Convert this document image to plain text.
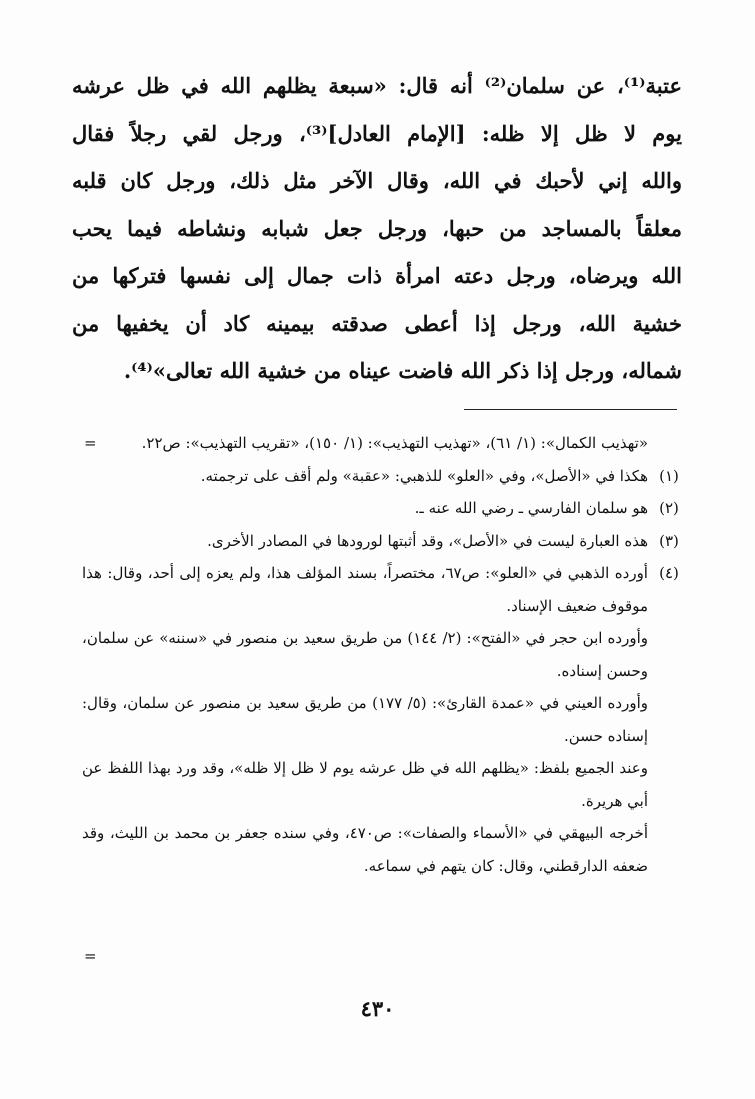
عتبة⁽¹⁾، عن سلمان⁽²⁾ أنه قال: «سبعة يظلهم الله في ظل عرشه
يوم لا ظل إلا ظله: [الإمام العادل]⁽³⁾، ورجل لقي رجلاً فقال
والله إني لأحبك في الله، وقال الآخر مثل ذلك، ورجل كان قلبه
معلقاً بالمساجد من حبها، ورجل جعل شبابه ونشاطه فيما يحب
الله ويرضاه، ورجل دعته امرأة ذات جمال إلى نفسها فتركها من
خشية الله، ورجل إذا أعطى صدقته بيمينه كاد أن يخفيها من
شماله، ورجل إذا ذكر الله فاضت عيناه من خشية الله تعالى»⁽⁴⁾.
=	«تهذيب الكمال»: (١/ ٦١)، «تهذيب التهذيب»: (١/ ١٥٠)، «تقريب التهذيب»: ص٢٢.
(١)
هكذا في «الأصل»، وفي «العلو» للذهبي: «عقبة» ولم أقف على ترجمته.
(٢)
هو سلمان الفارسي ـ رضي الله عنه ـ.
(٣)
هذه العبارة ليست في «الأصل»، وقد أثبتها لورودها في المصادر الأخرى.
(٤)
أورده الذهبي في «العلو»: ص٦٧، مختصراً، بسند المؤلف هذا، ولم يعزه إلى أحد، وقال: هذا موقوف ضعيف الإسناد.
وأورده ابن حجر في «الفتح»: (٢/ ١٤٤) من طريق سعيد بن منصور في «سننه» عن سلمان، وحسن إسناده.
وأورده العيني في «عمدة القارئ»: (٥/ ١٧٧) من طريق سعيد بن منصور عن سلمان، وقال: إسناده حسن.
وعند الجميع بلفظ: «يظلهم الله في ظل عرشه يوم لا ظل إلا ظله»، وقد ورد بهذا اللفظ عن أبي هريرة.
أخرجه البيهقي في «الأسماء والصفات»: ص٤٧٠، وفي سنده جعفر بن محمد بن الليث، وقد ضعفه الدارقطني، وقال: كان يتهم في سماعه.
=
٤٣٠
